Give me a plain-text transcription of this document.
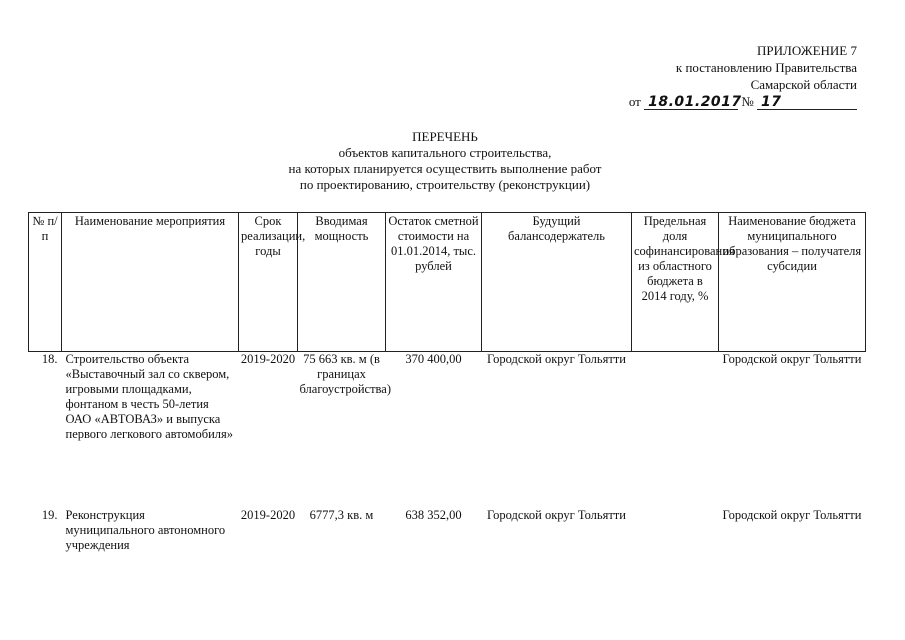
ПРИЛОЖЕНИЕ 7
к постановлению Правительства
Самарской области
от 18.01.2017 № 17
ПЕРЕЧЕНЬ
объектов капитального строительства,
на которых планируется осуществить выполнение работ
по проектированию, строительству (реконструкции)
№ п/п	Наименование мероприятия	Срок реализации, годы	Вводимая мощность	Остаток сметной стоимости на 01.01.2014, тыс. рублей	Будущий балансодержатель	Предельная доля софинансирования из областного бюджета в 2014 году, %	Наименование бюджета муниципального образования – получателя субсидии
18.	Строительство объекта «Выставочный зал со сквером, игровыми площадками, фонтаном в честь 50-летия ОАО «АВТОВАЗ» и выпуска первого легкового автомобиля»	2019-2020	75 663 кв. м (в границах благоустройства)	370 400,00	Городской округ Тольятти		Городской округ Тольятти
19.	Реконструкция муниципального автономного учреждения	2019-2020	6777,3 кв. м	638 352,00	Городской округ Тольятти		Городской округ Тольятти
